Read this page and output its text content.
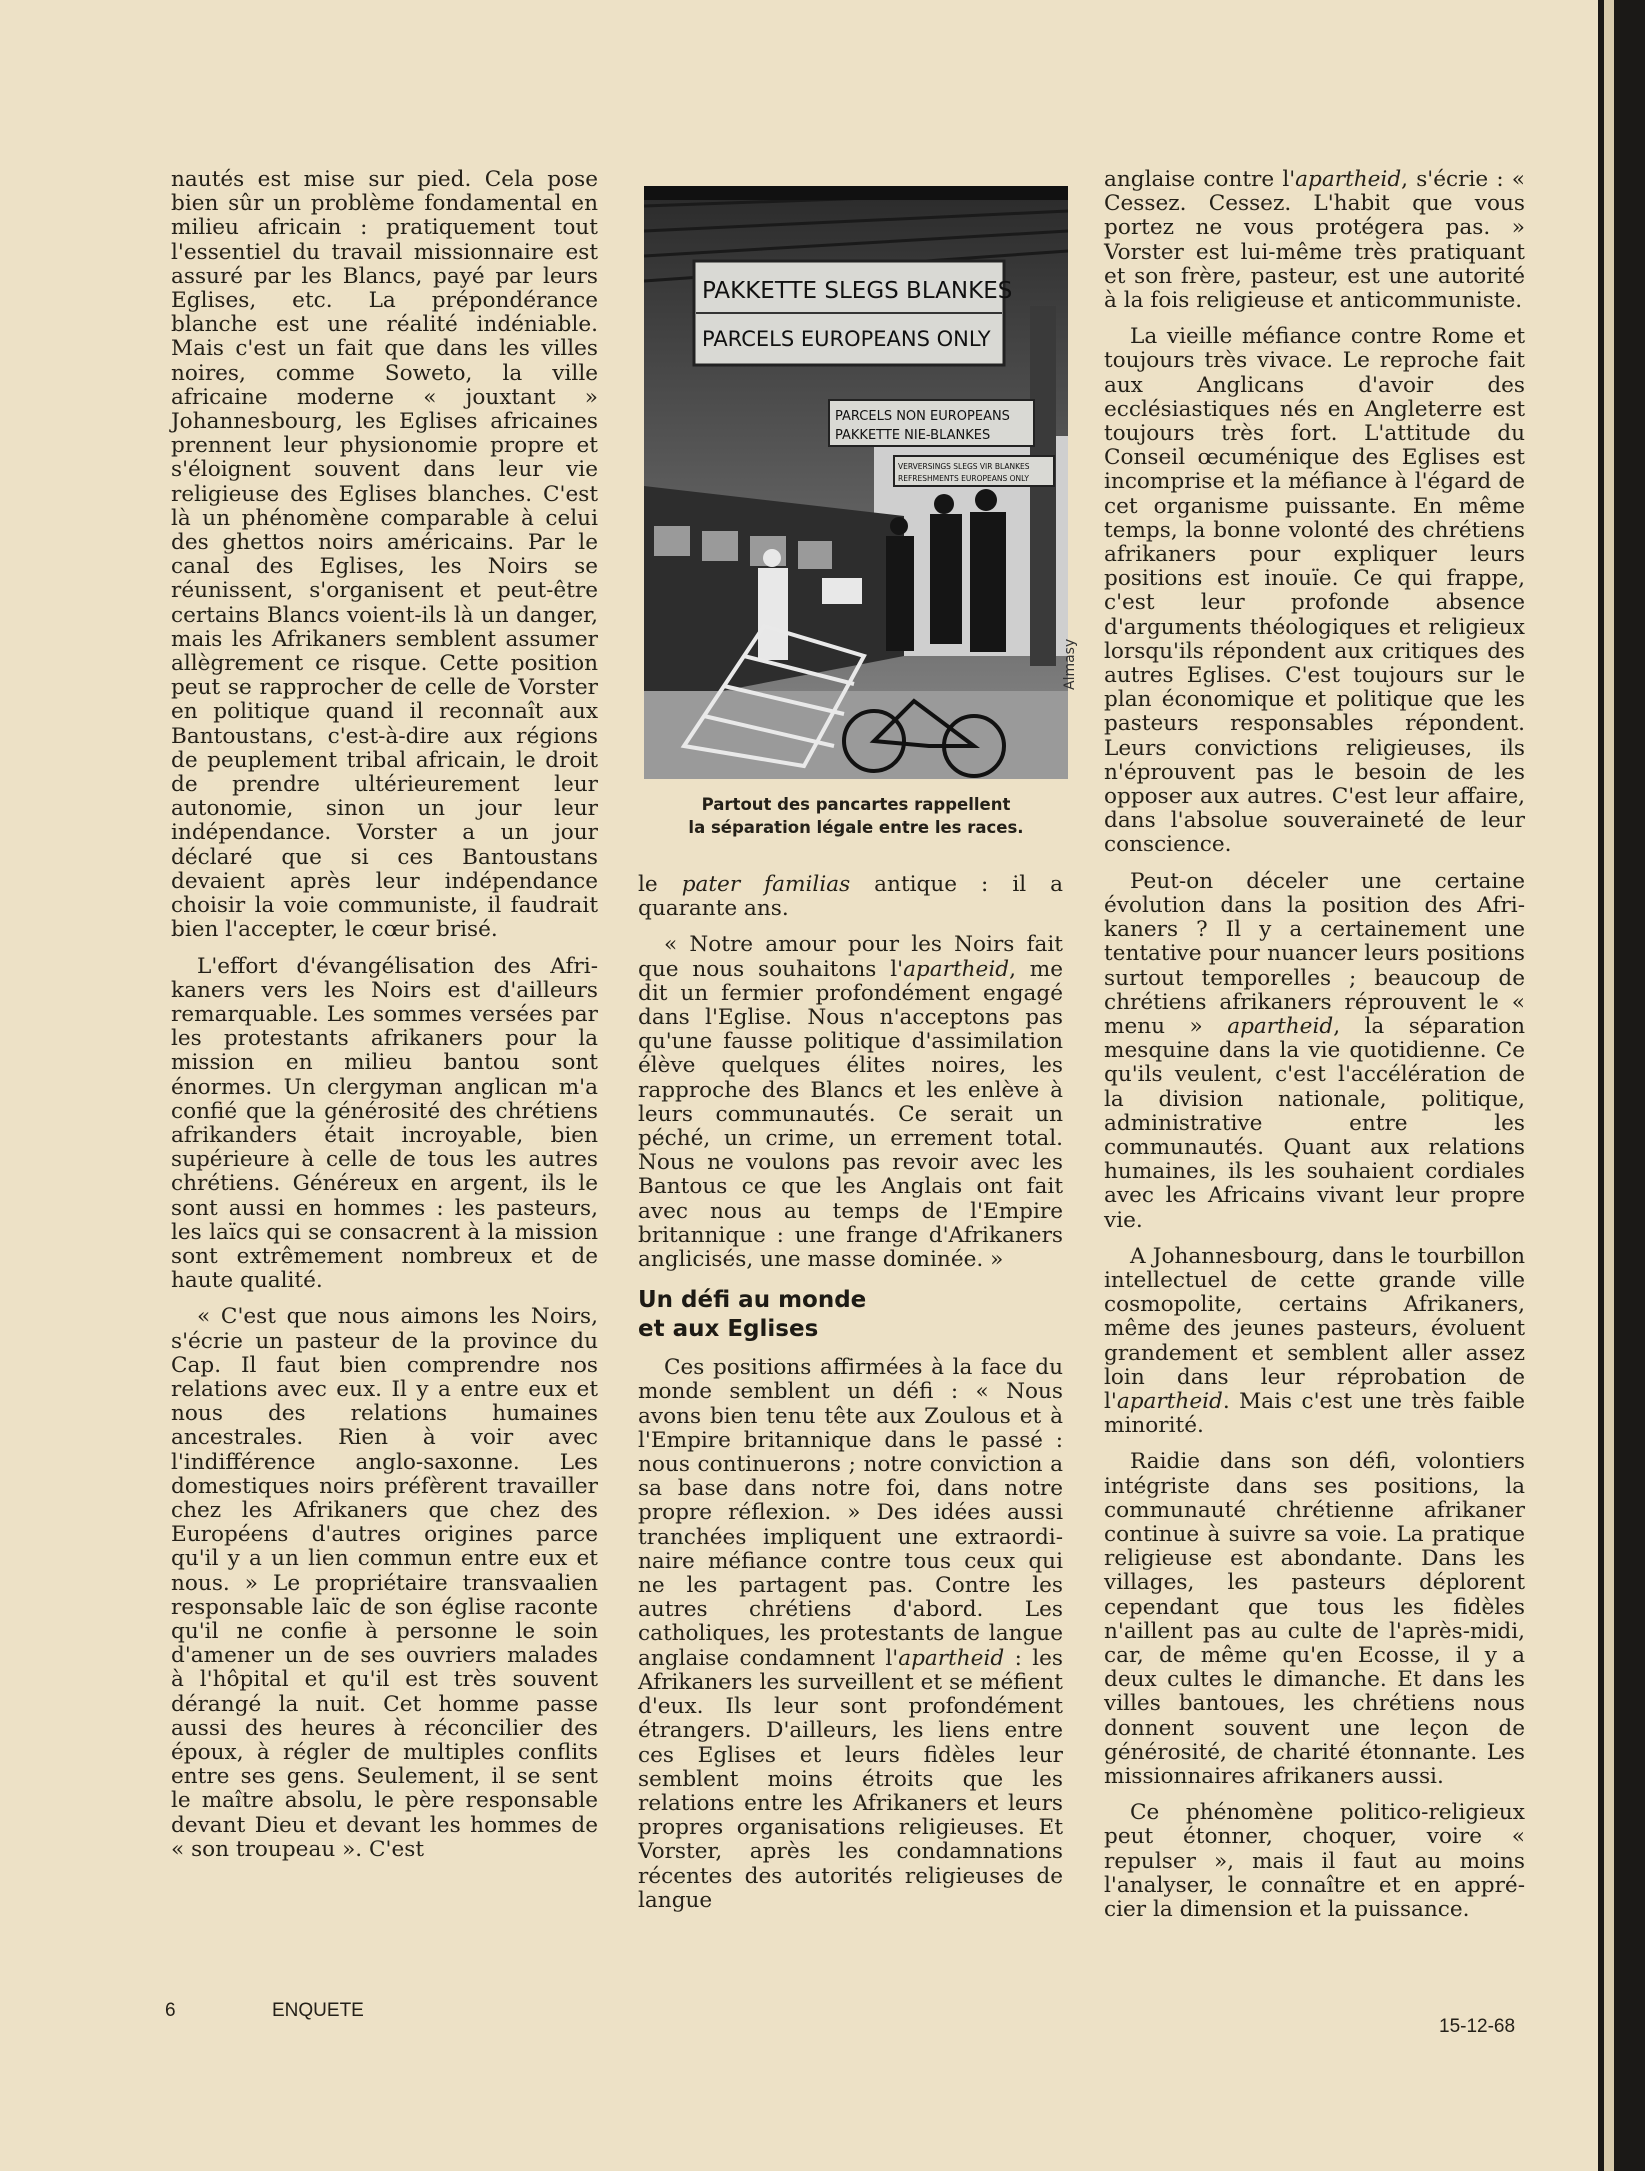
nautés est mise sur pied. Cela pose bien sûr un problème fondamental en milieu africain : pratiquement tout l'essentiel du travail missionnaire est assuré par les Blancs, payé par leurs Eglises, etc. La prépondérance blanche est une réalité indéniable. Mais c'est un fait que dans les villes noires, comme Soweto, la ville africaine moderne « jouxtant » Johannesbourg, les Eglises africaines prennent leur physionomie propre et s'éloignent souvent dans leur vie religieuse des Eglises blanches. C'est là un phénomène comparable à celui des ghettos noirs américains. Par le canal des Eglises, les Noirs se réunissent, s'organisent et peut-être certains Blancs voient-ils là un danger, mais les Afrikaners semblent assumer allègrement ce risque. Cette position peut se rapprocher de celle de Vorster en politique quand il reconnaît aux Bantoustans, c'est-à-dire aux régions de peuplement tribal africain, le droit de prendre ultérieurement leur autonomie, sinon un jour leur indépendance. Vorster a un jour déclaré que si ces Bantoustans devaient après leur indépendance choisir la voie communiste, il faudrait bien l'accepter, le cœur brisé.

L'effort d'évangélisation des Afrikaners vers les Noirs est d'ailleurs remarquable. Les sommes versées par les protestants afrikaners pour la mission en milieu bantou sont énormes. Un clergyman anglican m'a confié que la générosité des chrétiens afrikanders était incroyable, bien supérieure à celle de tous les autres chrétiens. Généreux en argent, ils le sont aussi en hommes : les pasteurs, les laïcs qui se consacrent à la mission sont extrêmement nombreux et de haute qualité.

« C'est que nous aimons les Noirs, s'écrie un pasteur de la province du Cap. Il faut bien comprendre nos relations avec eux. Il y a entre eux et nous des relations humaines ancestrales. Rien à voir avec l'indifférence anglo-saxonne. Les domestiques noirs préfèrent travailler chez les Afrikaners que chez des Européens d'autres origines parce qu'il y a un lien commun entre eux et nous. » Le propriétaire transvaalien responsable laïc de son église raconte qu'il ne confie à personne le soin d'amener un de ses ouvriers malades à l'hôpital et qu'il est très souvent dérangé la nuit. Cet homme passe aussi des heures à réconcilier des époux, à régler de multiples conflits entre ses gens. Seulement, il se sent le maître absolu, le père responsable devant Dieu et devant les hommes de « son troupeau ». C'est

PAKKETTE SLEGS BLANKES
PARCELS EUROPEANS ONLY
PARCELS NON EUROPEANS
PAKKETTE NIE-BLANKES
VERVERSINGS SLEGS VIR BLANKES
REFRESHMENTS EUROPEANS ONLY
Almasy
Partout des pancartes rappellent
la séparation légale entre les races.

le pater familias antique : il a quarante ans.

« Notre amour pour les Noirs fait que nous souhaitons l'apartheid, me dit un fermier profondément engagé dans l'Eglise. Nous n'acceptons pas qu'une fausse politique d'assimilation élève quelques élites noires, les rapproche des Blancs et les enlève à leurs communautés. Ce serait un péché, un crime, un errement total. Nous ne voulons pas revoir avec les Bantous ce que les Anglais ont fait avec nous au temps de l'Empire britannique : une frange d'Afrikaners anglicisés, une masse dominée. »

Un défi au monde
et aux Eglises

Ces positions affirmées à la face du monde semblent un défi : « Nous avons bien tenu tête aux Zoulous et à l'Empire britannique dans le passé : nous continuerons ; notre conviction a sa base dans notre foi, dans notre propre réflexion. » Des idées aussi tranchées impliquent une extraordinaire méfiance contre tous ceux qui ne les partagent pas. Contre les autres chrétiens d'abord. Les catholiques, les protestants de langue anglaise condamnent l'apartheid : les Afrikaners les surveillent et se méfient d'eux. Ils leur sont profondément étrangers. D'ailleurs, les liens entre ces Eglises et leurs fidèles leur semblent moins étroits que les relations entre les Afrikaners et leurs propres organisations religieuses. Et Vorster, après les condamnations récentes des autorités religieuses de langue

anglaise contre l'apartheid, s'écrie : « Cessez. Cessez. L'habit que vous portez ne vous protégera pas. » Vorster est lui-même très pratiquant et son frère, pasteur, est une autorité à la fois religieuse et anticommuniste.

La vieille méfiance contre Rome et toujours très vivace. Le reproche fait aux Anglicans d'avoir des ecclésiastiques nés en Angleterre est toujours très fort. L'attitude du Conseil œcuménique des Eglises est incomprise et la méfiance à l'égard de cet organisme puissante. En même temps, la bonne volonté des chrétiens afrikaners pour expliquer leurs positions est inouïe. Ce qui frappe, c'est leur profonde absence d'arguments théologiques et religieux lorsqu'ils répondent aux critiques des autres Eglises. C'est toujours sur le plan économique et politique que les pasteurs responsables répondent. Leurs convictions religieuses, ils n'éprouvent pas le besoin de les opposer aux autres. C'est leur affaire, dans l'absolue souveraineté de leur conscience.

Peut-on déceler une certaine évolution dans la position des Afrikaners ? Il y a certainement une tentative pour nuancer leurs positions surtout temporelles ; beaucoup de chrétiens afrikaners réprouvent le « menu » apartheid, la séparation mesquine dans la vie quotidienne. Ce qu'ils veulent, c'est l'accélération de la division nationale, politique, administrative entre les communautés. Quant aux relations humaines, ils les souhaient cordiales avec les Africains vivant leur propre vie.

A Johannesbourg, dans le tourbillon intellectuel de cette grande ville cosmopolite, certains Afrikaners, même des jeunes pasteurs, évoluent grandement et semblent aller assez loin dans leur réprobation de l'apartheid. Mais c'est une très faible minorité.

Raidie dans son défi, volontiers intégriste dans ses positions, la communauté chrétienne afrikaner continue à suivre sa voie. La pratique religieuse est abondante. Dans les villages, les pasteurs déplorent cependant que tous les fidèles n'aillent pas au culte de l'après-midi, car, de même qu'en Ecosse, il y a deux cultes le dimanche. Et dans les villes bantoues, les chrétiens nous donnent souvent une leçon de générosité, de charité étonnante. Les missionnaires afrikaners aussi.

Ce phénomène politico-religieux peut étonner, choquer, voire « repulser », mais il faut au moins l'analyser, le connaître et en apprécier la dimension et la puissance.

6	ENQUETE
15-12-68
